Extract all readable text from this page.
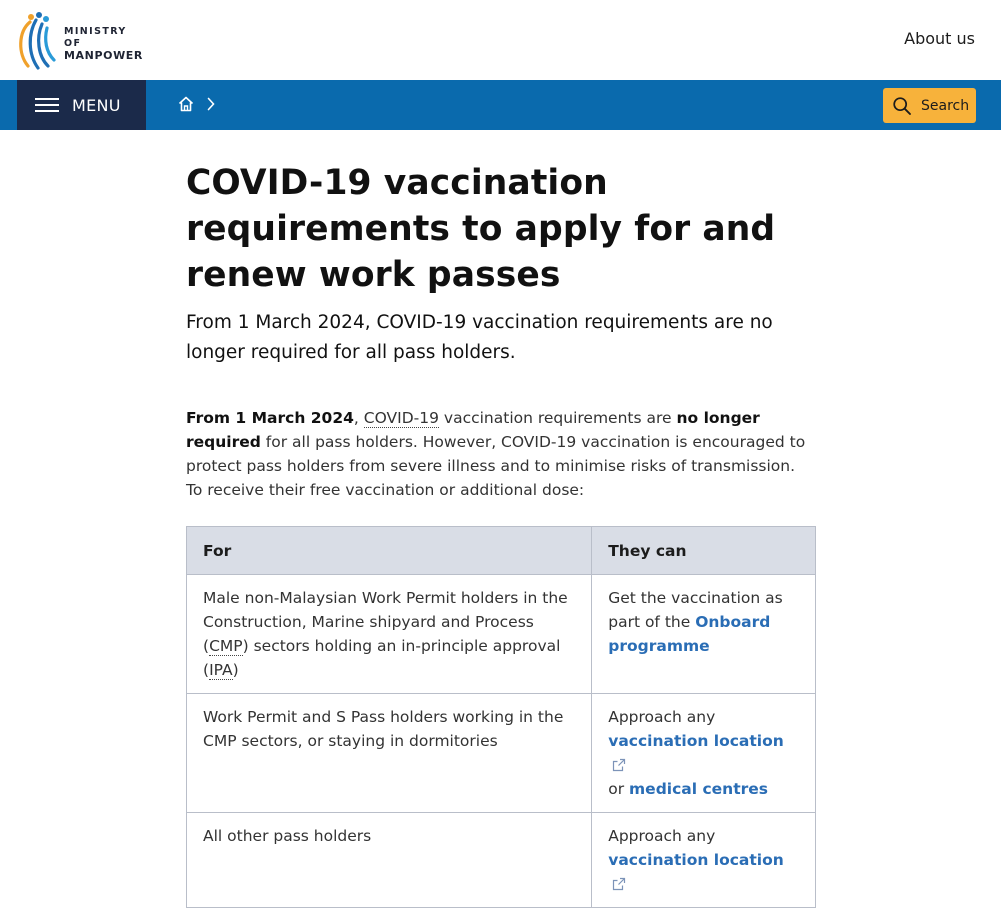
MINISTRY OF
MANPOWER
About us
MENU	Search
COVID-19 vaccination requirements to apply for and renew work passes

From 1 March 2024, COVID-19 vaccination requirements are no longer required for all pass holders.

From 1 March 2024, COVID-19 vaccination requirements are no longer required for all pass holders. However, COVID-19 vaccination is encouraged to protect pass holders from severe illness and to minimise risks of transmission. To receive their free vaccination or additional dose:

For	They can
Male non-Malaysian Work Permit holders in the Construction, Marine shipyard and Process (CMP) sectors holding an in-principle approval (IPA)	Get the vaccination as part of the Onboard programme
Work Permit and S Pass holders working in the CMP sectors, or staying in dormitories	Approach any
vaccination location
or medical centres
All other pass holders	Approach any
vaccination location
